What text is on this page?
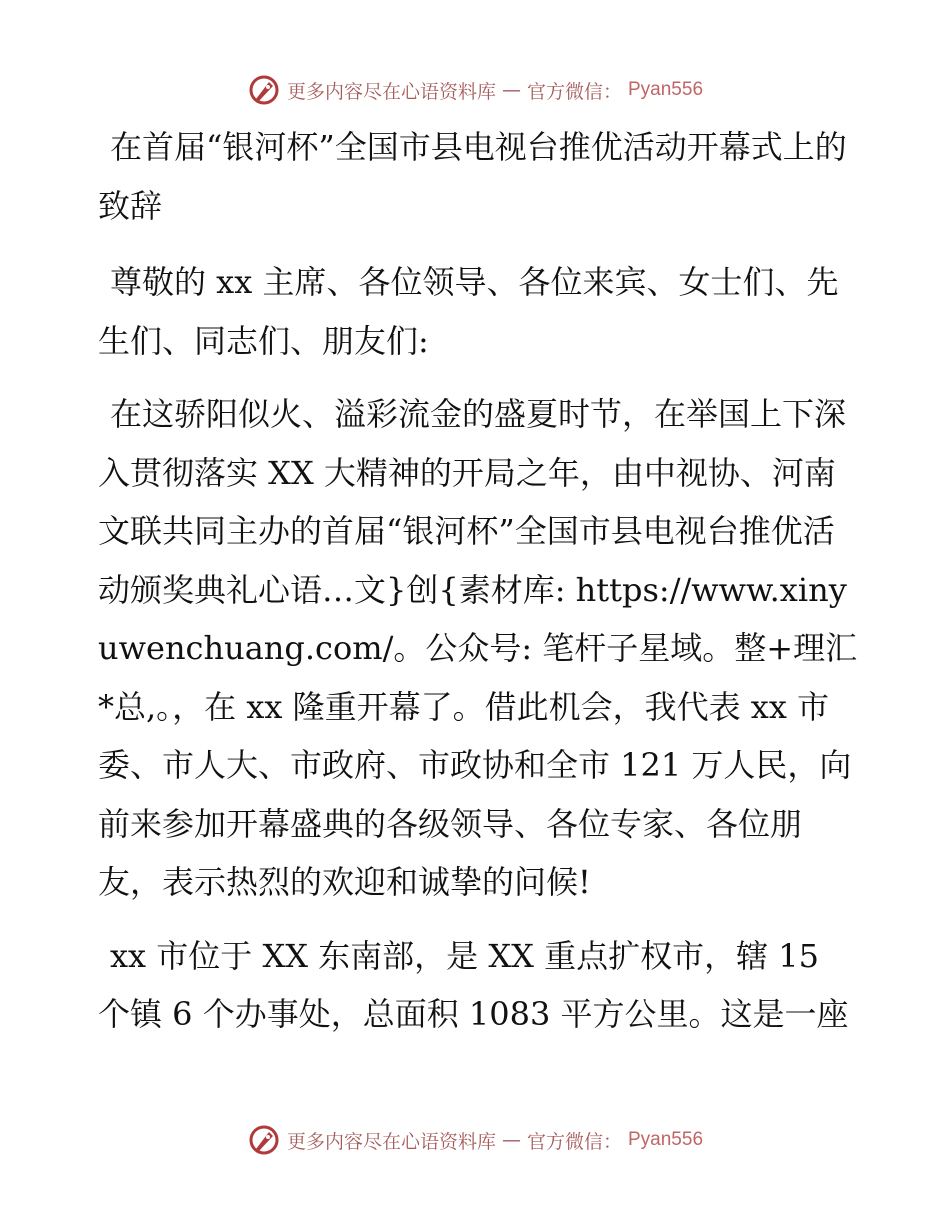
更多内容尽在心语资料库 — 官方微信： Pyan556

在首届“银河杯”全国市县电视台推优活动开幕式上的致辞

尊敬的 xx 主席、各位领导、各位来宾、女士们、先生们、同志们、朋友们:

在这骄阳似火、溢彩流金的盛夏时节，在举国上下深入贯彻落实 XX 大精神的开局之年，由中视协、河南文联共同主办的首届“银河杯”全国市县电视台推优活动颁奖典礼心语…文}创{素材库: https://www.xinyuwenchuang.com/。公众号: 笔杆子星域。整+理汇*总,。，在 xx 隆重开幕了。借此机会，我代表 xx 市委、市人大、市政府、市政协和全市 121 万人民，向前来参加开幕盛典的各级领导、各位专家、各位朋友，表示热烈的欢迎和诚挚的问候!

xx 市位于 XX 东南部，是 XX 重点扩权市，辖 15 个镇 6 个办事处，总面积 1083 平方公里。这是一座

更多内容尽在心语资料库 — 官方微信： Pyan556
